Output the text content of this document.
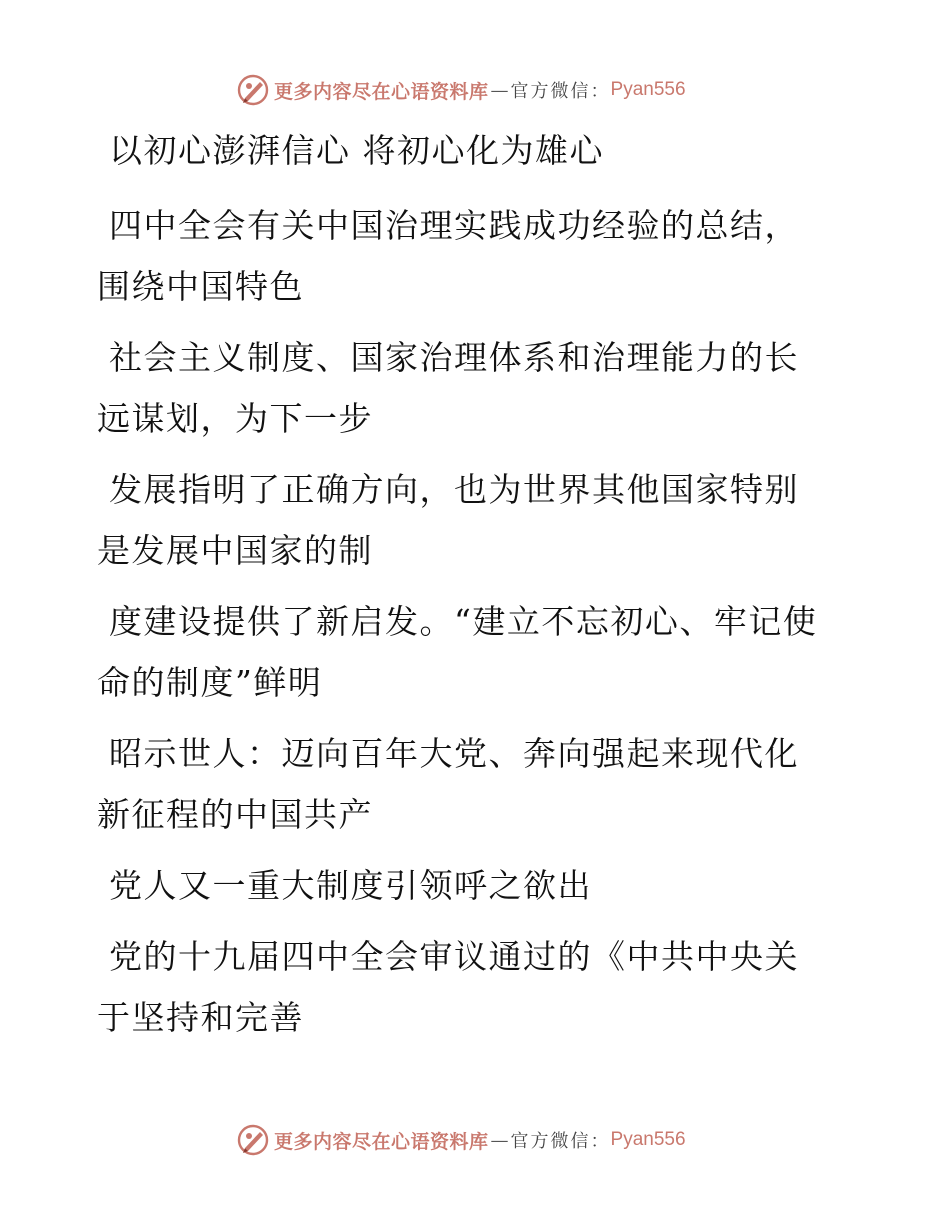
更多内容尽在心语资料库 — 官方微信： Pyan556

以初心澎湃信心 将初心化为雄心

四中全会有关中国治理实践成功经验的总结，围绕中国特色

社会主义制度、国家治理体系和治理能力的长远谋划，为下一步

发展指明了正确方向，也为世界其他国家特别是发展中国家的制

度建设提供了新启发。“建立不忘初心、牢记使命的制度”鲜明

昭示世人：迈向百年大党、奔向强起来现代化新征程的中国共产

党人又一重大制度引领呼之欲出

党的十九届四中全会审议通过的《中共中央关于坚持和完善

更多内容尽在心语资料库 — 官方微信： Pyan556
